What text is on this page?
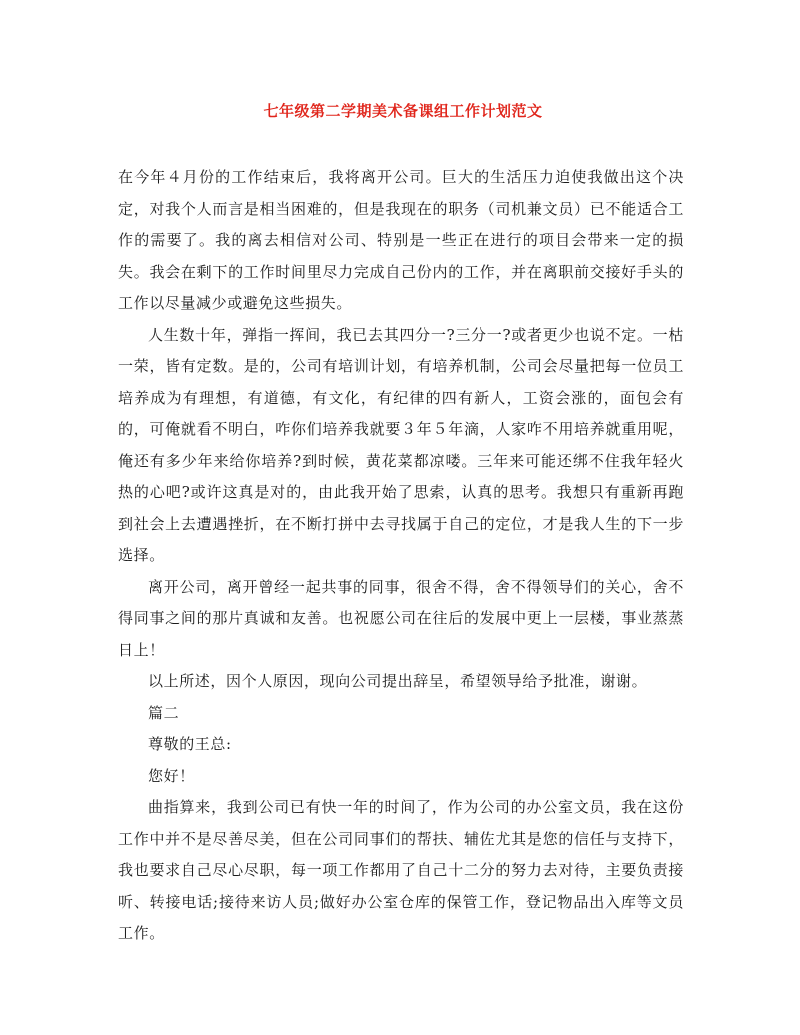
七年级第二学期美术备课组工作计划范文

在今年４月份的工作结束后，我将离开公司。巨大的生活压力迫使我做出这个决定，对我个人而言是相当困难的，但是我现在的职务（司机兼文员）已不能适合工作的需要了。我的离去相信对公司、特别是一些正在进行的项目会带来一定的损失。我会在剩下的工作时间里尽力完成自己份内的工作，并在离职前交接好手头的工作以尽量减少或避免这些损失。

人生数十年，弹指一挥间，我已去其四分一?三分一?或者更少也说不定。一枯一荣，皆有定数。是的，公司有培训计划，有培养机制，公司会尽量把每一位员工培养成为有理想，有道德，有文化，有纪律的四有新人，工资会涨的，面包会有的，可俺就看不明白，咋你们培养我就要３年５年滴，人家咋不用培养就重用呢，俺还有多少年来给你培养?到时候，黄花菜都凉喽。三年来可能还绑不住我年轻火热的心吧?或许这真是对的，由此我开始了思索，认真的思考。我想只有重新再跑到社会上去遭遇挫折，在不断打拼中去寻找属于自己的定位，才是我人生的下一步选择。

离开公司，离开曾经一起共事的同事，很舍不得，舍不得领导们的关心，舍不得同事之间的那片真诚和友善。也祝愿公司在往后的发展中更上一层楼，事业蒸蒸日上！

以上所述，因个人原因，现向公司提出辞呈，希望领导给予批准，谢谢。

篇二

尊敬的王总:

您好！

曲指算来，我到公司已有快一年的时间了，作为公司的办公室文员，我在这份工作中并不是尽善尽美，但在公司同事们的帮扶、辅佐尤其是您的信任与支持下，我也要求自己尽心尽职，每一项工作都用了自己十二分的努力去对待，主要负责接听、转接电话;接待来访人员;做好办公室仓库的保管工作，登记物品出入库等文员工作。
